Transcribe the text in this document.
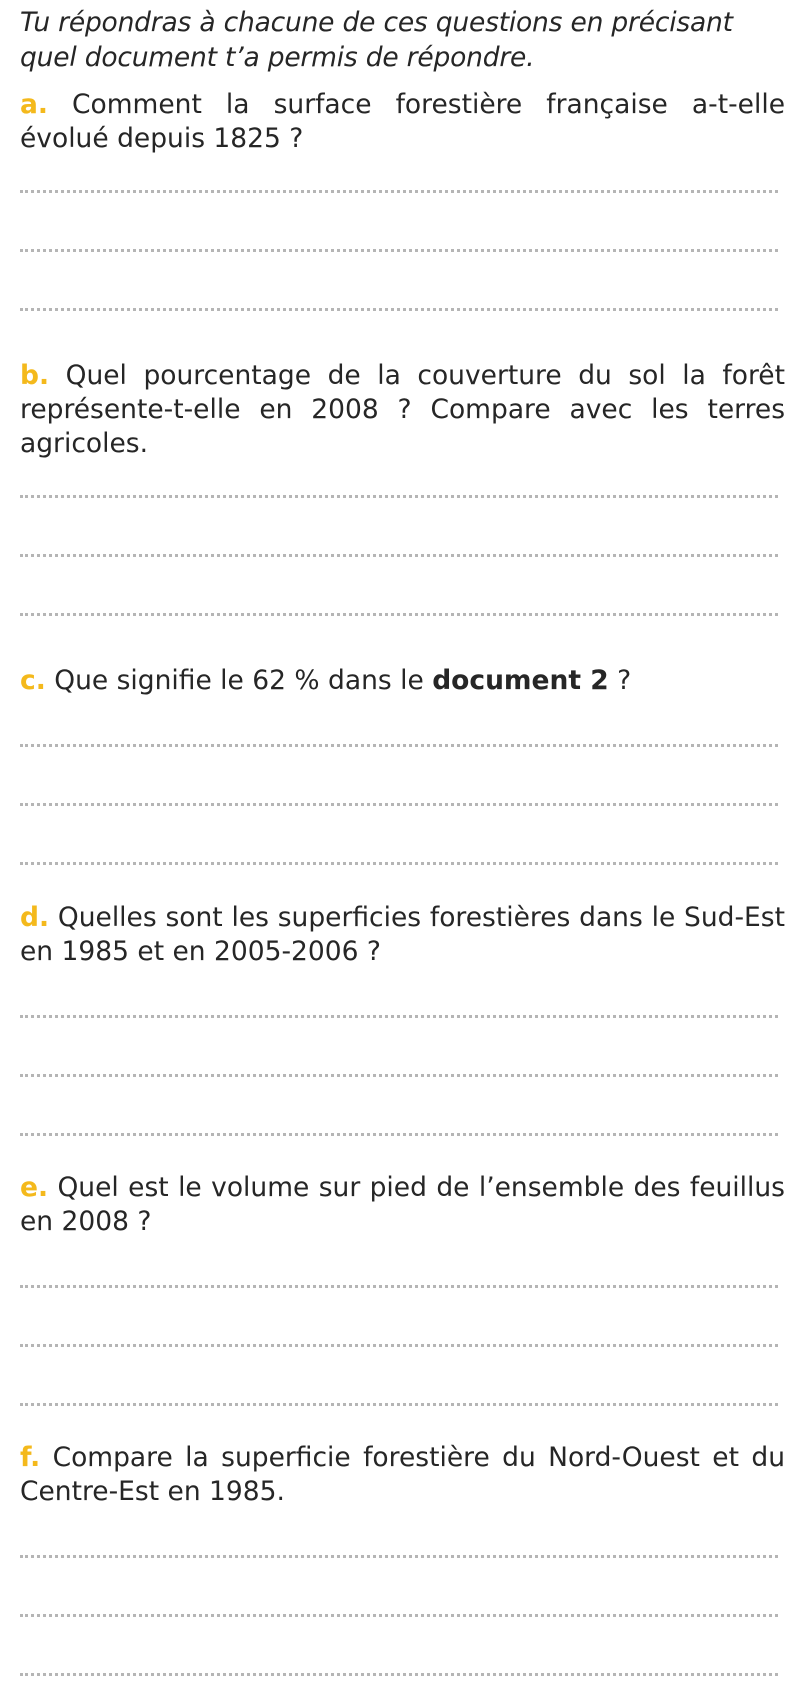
Tu répondras à chacune de ces questions en précisant quel document t’a permis de répondre.

a. Comment la surface forestière française a-t-elle évolué depuis 1825 ?

b. Quel pourcentage de la couverture du sol la forêt représente-t-elle en 2008 ? Compare avec les terres agricoles.

c. Que signifie le 62 % dans le document 2 ?

d. Quelles sont les superficies forestières dans le Sud-Est en 1985 et en 2005-2006 ?

e. Quel est le volume sur pied de l’ensemble des feuillus en 2008 ?

f. Compare la superficie forestière du Nord-Ouest et du Centre-Est en 1985.
